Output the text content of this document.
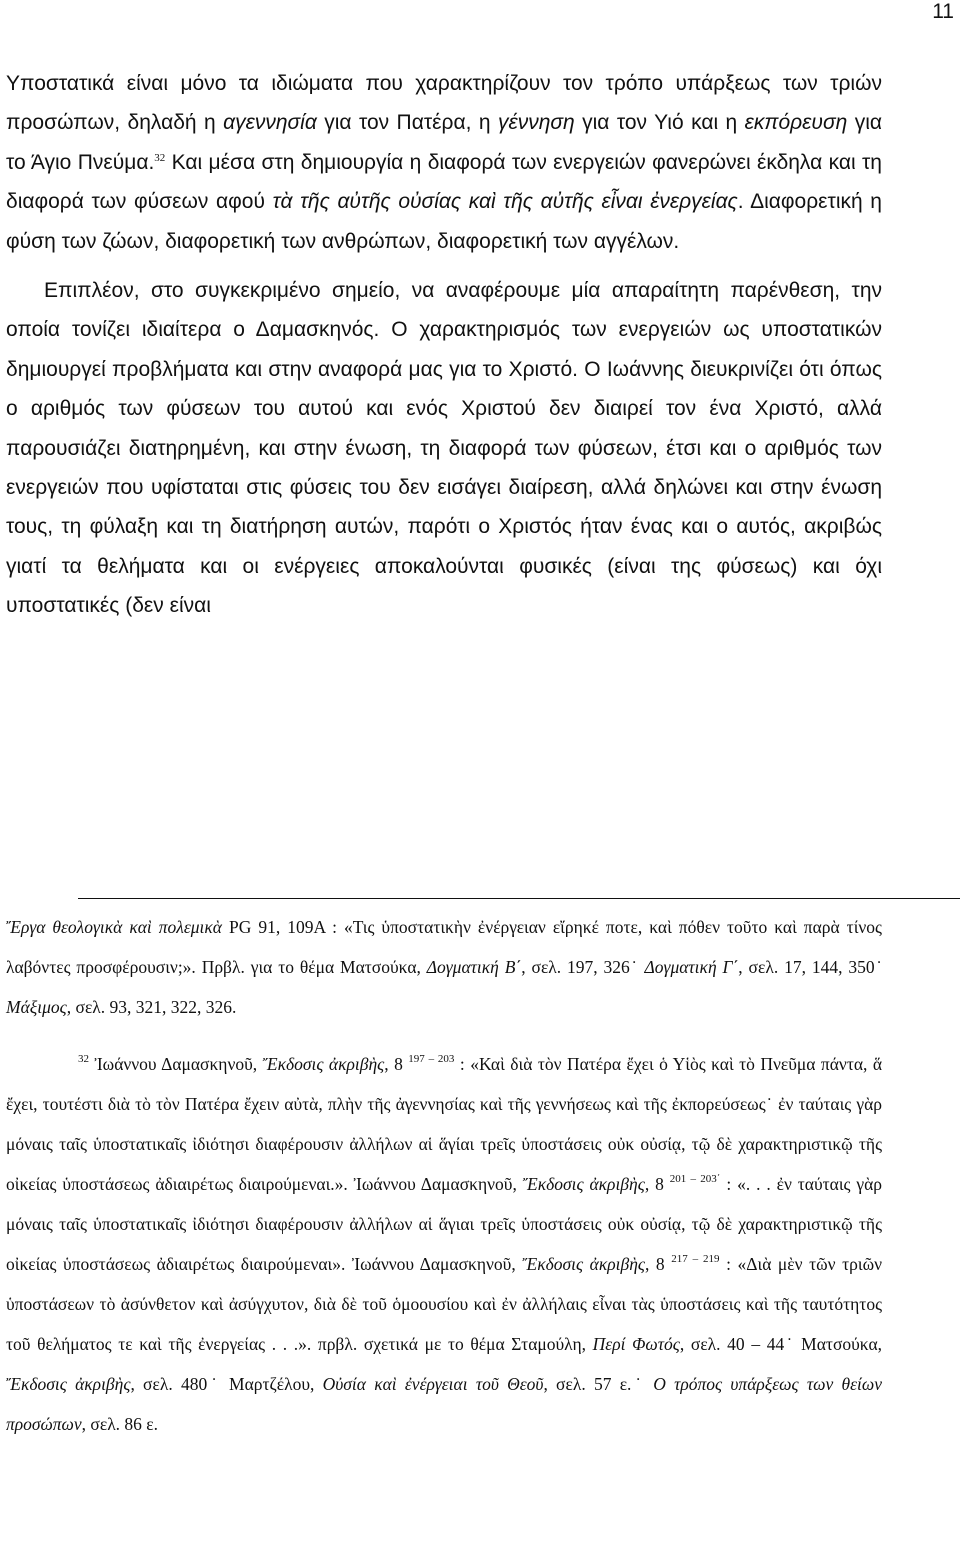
11

Υποστατικά είναι μόνο τα ιδιώματα που χαρακτηρίζουν τον τρόπο υπάρξεως των τριών προσώπων, δηλαδή η αγεννησία για τον Πατέρα, η γέννηση για τον Υιό και η εκπόρευση για το Άγιο Πνεύμα.$^{32}$ Και μέσα στη δημιουργία η διαφορά των ενεργειών φανερώνει έκδηλα και τη διαφορά των φύσεων αφού τὰ τῆς αὐτῆς οὐσίας καὶ τῆς αὐτῆς εἶναι ἐνεργείας. Διαφορετική η φύση των ζώων, διαφορετική των ανθρώπων, διαφορετική των αγγέλων.

Επιπλέον, στο συγκεκριμένο σημείο, να αναφέρουμε μία απαραίτητη παρένθεση, την οποία τονίζει ιδιαίτερα ο Δαμασκηνός. Ο χαρακτηρισμός των ενεργειών ως υποστατικών δημιουργεί προβλήματα και στην αναφορά μας για το Χριστό. Ο Ιωάννης διευκρινίζει ότι όπως ο αριθμός των φύσεων του αυτού και ενός Χριστού δεν διαιρεί τον ένα Χριστό, αλλά παρουσιάζει διατηρημένη, και στην ένωση, τη διαφορά των φύσεων, έτσι και ο αριθμός των ενεργειών που υφίσταται στις φύσεις του δεν εισάγει διαίρεση, αλλά δηλώνει και στην ένωση τους, τη φύλαξη και τη διατήρηση αυτών, παρότι ο Χριστός ήταν ένας και ο αυτός, ακριβώς γιατί τα θελήματα και οι ενέργειες αποκαλούνται φυσικές (είναι της φύσεως) και όχι υποστατικές (δεν είναι

Ἔργα θεολογικὰ καὶ πολεμικὰ PG 91, 109A : «Τις ὑποστατικὴν ἐνέργειαν εἴρηκέ ποτε, καὶ πόθεν τοῦτο καὶ παρὰ τίνος λαβόντες προσφέρουσιν;». Πρβλ. για το θέμα Ματσούκα, Δογματική Β΄, σελ. 197, 326˙ Δογματική Γ΄, σελ. 17, 144, 350˙ Μάξιμος, σελ. 93, 321, 322, 326.

$^{32}$ Ἰωάννου Δαμασκηνοῦ, Ἔκδοσις ἀκριβὴς, 8 $^{197 - 203}$ : «Καὶ διὰ τὸν Πατέρα ἔχει ὁ Υἱὸς καὶ τὸ Πνεῦμα πάντα, ἅ ἔχει, τουτέστι διὰ τὸ τὸν Πατέρα ἔχειν αὐτὰ, πλὴν τῆς ἀγεννησίας καὶ τῆς γεννήσεως καὶ τῆς ἐκπορεύσεως˙ ἐν ταύταις γὰρ μόναις ταῖς ὑποστατικαῖς ἰδιότησι διαφέρουσιν ἀλλήλων αἱ ἅγίαι τρεῖς ὑποστάσεις οὐκ οὐσίᾳ, τῷ δὲ χαρακτηριστικῷ τῆς οἰκείας ὑποστάσεως ἀδιαιρέτως διαιρούμεναι.». Ἰωάννου Δαμασκηνοῦ, Ἔκδοσις ἀκριβὴς, 8 $^{201 - 203΄}$ : «. . . ἐν ταύταις γὰρ μόναις ταῖς ὑποστατικαῖς ἰδιότησι διαφέρουσιν ἀλλήλων αἱ ἅγιαι τρεῖς ὑποστάσεις οὐκ οὐσίᾳ, τῷ δὲ χαρακτηριστικῷ τῆς οἰκείας ὑποστάσεως ἀδιαιρέτως διαιρούμεναι». Ἰωάννου Δαμασκηνοῦ, Ἔκδοσις ἀκριβὴς, 8 $^{217 - 219}$ : «Διὰ μὲν τῶν τριῶν ὑποστάσεων τὸ ἀσύνθετον καὶ ἀσύγχυτον, διὰ δὲ τοῦ ὁμοουσίου καὶ ἐν ἀλλήλαις εἶναι τὰς ὑποστάσεις καὶ τῆς ταυτότητος τοῦ θελήματος τε καὶ τῆς ἐνεργείας . . .». πρβλ. σχετικά με το θέμα Σταμούλη, Περί Φωτός, σελ. 40 – 44˙ Ματσούκα, Ἔκδοσις ἀκριβὴς, σελ. 480˙ Μαρτζέλου, Οὐσία καὶ ἐνέργειαι τοῦ Θεοῦ, σελ. 57 ε.˙ Ο τρόπος υπάρξεως των θείων προσώπων, σελ. 86 ε.
